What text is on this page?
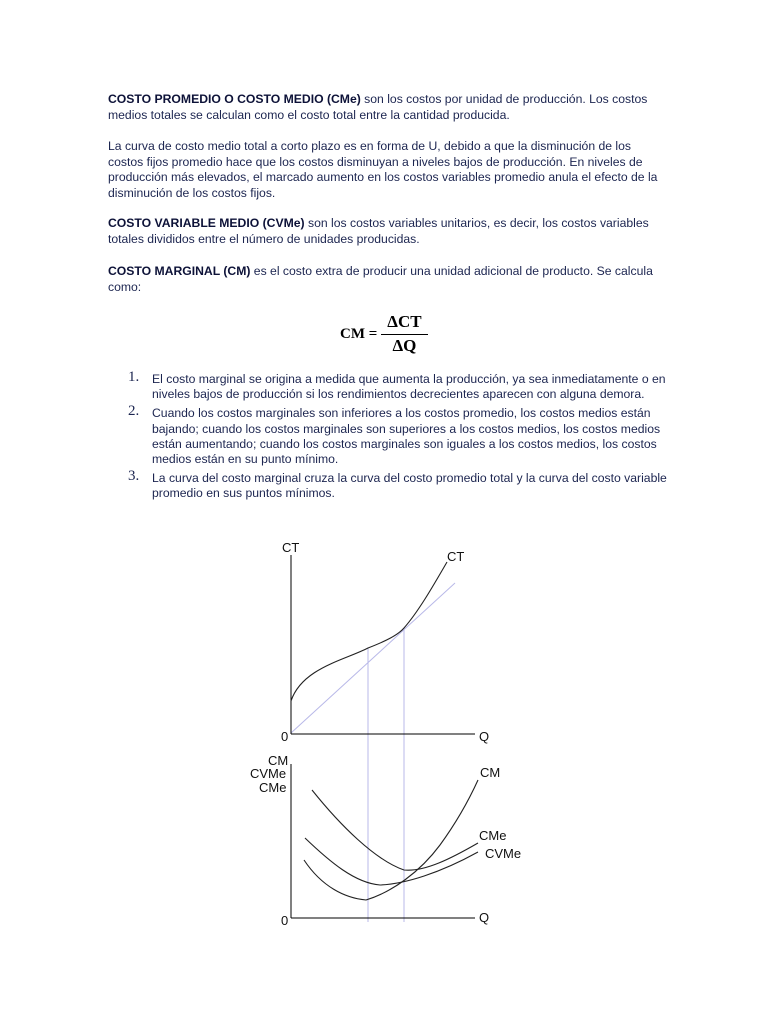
COSTO PROMEDIO O COSTO MEDIO (CMe) son los costos por unidad de producción. Los costos medios totales se calculan como el costo total entre la cantidad producida.

La curva de costo medio total a corto plazo es en forma de U, debido a que la disminución de los costos fijos promedio hace que los costos disminuyan a niveles bajos de producción. En niveles de producción más elevados, el marcado aumento en los costos variables promedio anula el efecto de la disminución de los costos fijos.

COSTO VARIABLE MEDIO (CVMe) son los costos variables unitarios, es decir, los costos variables totales divididos entre el número de unidades producidas.

COSTO MARGINAL (CM) es el costo extra de producir una unidad adicional de producto. Se calcula como:

CM = $\frac{\text{ΔCT}}{\Delta Q}$
1. El costo marginal se origina a medida que aumenta la producción, ya sea inmediatamente o en niveles bajos de producción si los rendimientos decrecientes aparecen con alguna demora.
2. Cuando los costos marginales son inferiores a los costos promedio, los costos medios están bajando; cuando los costos marginales son superiores a los costos medios, los costos medios están aumentando; cuando los costos marginales son iguales a los costos medios, los costos medios están en su punto mínimo.
3. La curva del costo marginal cruza la curva del costo promedio total y la curva del costo variable promedio en sus puntos mínimos.
CT
CT
0	Q
CM
CVMe
CMe
CM
CMe
CVMe
0	Q
